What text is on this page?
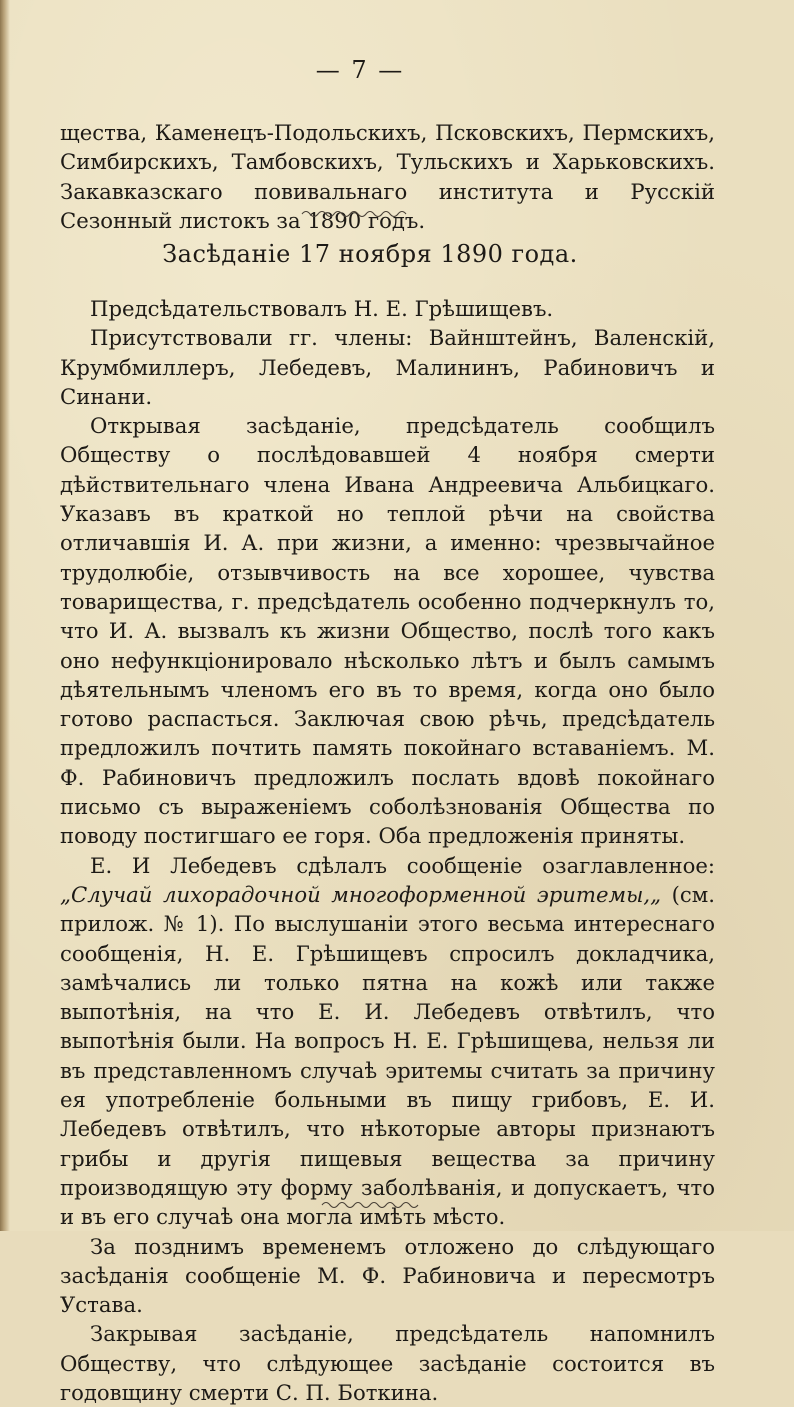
— 7 —

щества, Каменецъ-Подольскихъ, Псковскихъ, Пермскихъ, Симбирскихъ, Тамбовскихъ, Тульскихъ и Харьковскихъ. Закавказскаго повивальнаго института и Русскій Сезонный листокъ за 1890 годъ.

Засѣданіе 17 ноября 1890 года.

Предсѣдательствовалъ Н. Е. Грѣшищевъ.

Присутствовали гг. члены: Вайнштейнъ, Валенскій, Крумбмиллеръ, Лебедевъ, Малининъ, Рабиновичъ и Синани.

Открывая засѣданіе, предсѣдатель сообщилъ Обществу о послѣдовавшей 4 ноября смерти дѣйствительнаго члена Ивана Андреевича Альбицкаго. Указавъ въ краткой но теплой рѣчи на свойства отличавшія И. А. при жизни, а именно: чрезвычайное трудолюбіе, отзывчивость на все хорошее, чувства товарищества, г. предсѣдатель особенно подчеркнулъ то, что И. А. вызвалъ къ жизни Общество, послѣ того какъ оно нефункціонировало нѣсколько лѣтъ и былъ самымъ дѣятельнымъ членомъ его въ то время, когда оно было готово распасться. Заключая свою рѣчь, предсѣдатель предложилъ почтить память покойнаго вставаніемъ. М. Ф. Рабиновичъ предложилъ послать вдовѣ покойнаго письмо съ выраженіемъ соболѣзнованія Общества по поводу постигшаго ее горя. Оба предложенія приняты.

Е. И Лебедевъ сдѣлалъ сообщеніе озаглавленное: „Случай лихорадочной многоформенной эритемы,„ (см. прилож. № 1). По выслушаніи этого весьма интереснаго сообщенія, Н. Е. Грѣшищевъ спросилъ докладчика, замѣчались ли только пятна на кожѣ или также выпотѣнія, на что Е. И. Лебедевъ отвѣтилъ, что выпотѣнія были. На вопросъ Н. Е. Грѣшищева, нельзя ли въ представленномъ случаѣ эритемы считать за причину ея употребленіе больными въ пищу грибовъ, Е. И. Лебедевъ отвѣтилъ, что нѣкоторые авторы признаютъ грибы и другія пищевыя вещества за причину производящую эту форму заболѣванія, и допускаетъ, что и въ его случаѣ она могла имѣть мѣсто.

За позднимъ временемъ отложено до слѣдующаго засѣданія сообщеніе М. Ф. Рабиновича и пересмотръ Устава.

Закрывая засѣданіе, предсѣдатель напомнилъ Обществу, что слѣдующее засѣданіе состоится въ годовщину смерти С. П. Боткина.
